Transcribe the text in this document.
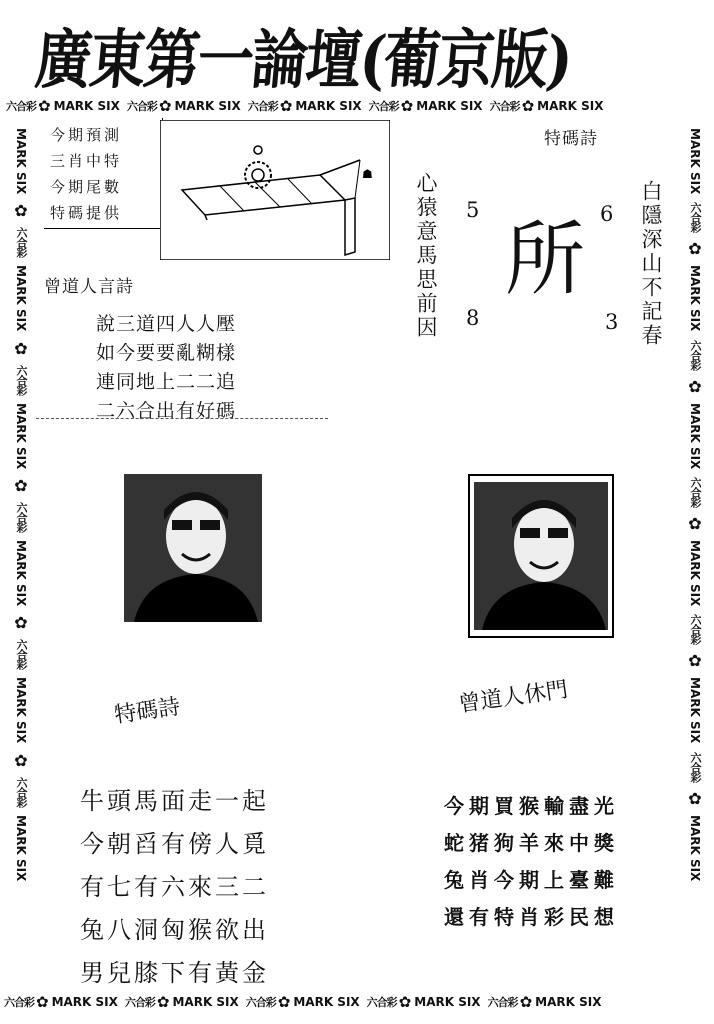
廣東第一論壇(葡京版)
六合彩 ✿ MARK SIX 六合彩 ✿ MARK SIX 六合彩 ✿ MARK SIX 六合彩 ✿ MARK SIX 六合彩 ✿ MARK SIX
六合彩 ✿ MARK SIX 六合彩 ✿ MARK SIX 六合彩 ✿ MARK SIX 六合彩 ✿ MARK SIX 六合彩 ✿ MARK SIX
MARK SIX
✿
六合彩
MARK SIX
✿
六合彩
MARK SIX
✿
六合彩
MARK SIX
✿
六合彩
MARK SIX
✿
六合彩
MARK SIX
MARK SIX
六合彩
✿
MARK SIX
六合彩
✿
MARK SIX
六合彩
✿
MARK SIX
六合彩
✿
MARK SIX
六合彩
✿
MARK SIX
今期預測
三肖中特
今期尾數
特碼提供
☗
曾道人言詩
說三道四人人壓
如今要要亂糊樣
連同地上二二追
二六合出有好碼
特碼詩
心猿意馬思前因	白隱深山不記春
所
5	6
8	3
特碼詩	曾道人休門
牛頭馬面走一起
今朝舀有傍人覓
有七有六來三二
兔八洞匈猴欲出
男兒膝下有黃金
今期買猴輸盡光
蛇猪狗羊來中獎
兔肖今期上臺難
還有特肖彩民想
